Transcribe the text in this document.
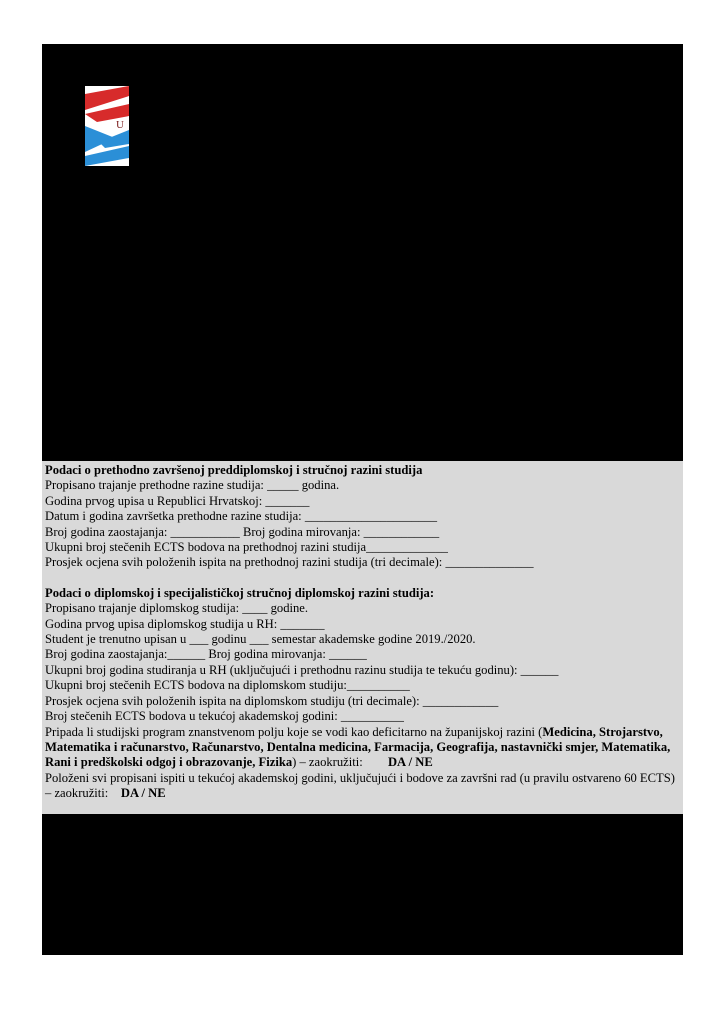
U
Podaci o prethodno završenoj preddiplomskoj i stručnoj razini studija
Propisano trajanje prethodne razine studija: _____ godina.
Godina prvog upisa u Republici Hrvatskoj: _______
Datum i godina završetka prethodne razine studija: _____________________
Broj godina zaostajanja: ___________ Broj godina mirovanja: ____________
Ukupni broj stečenih ECTS bodova na prethodnoj razini studija_____________
Prosjek ocjena svih položenih ispita na prethodnoj razini studija (tri decimale): ______________
Podaci o diplomskoj i specijalističkoj stručnoj diplomskoj razini studija:
Propisano trajanje diplomskog studija: ____ godine.
Godina prvog upisa diplomskog studija u RH: _______
Student je trenutno upisan u ___ godinu ___ semestar akademske godine 2019./2020.
Broj godina zaostajanja:______ Broj godina mirovanja: ______
Ukupni broj godina studiranja u RH (uključujući i prethodnu razinu studija te tekuću godinu): ______
Ukupni broj stečenih ECTS bodova na diplomskom studiju:__________
Prosjek ocjena svih položenih ispita na diplomskom studiju (tri decimale): ____________
Broj stečenih ECTS bodova u tekućoj akademskoj godini: __________
Pripada li studijski program znanstvenom polju koje se vodi kao deficitarno na županijskoj razini (Medicina, Strojarstvo, Matematika i računarstvo, Računarstvo, Dentalna medicina, Farmacija, Geografija, nastavnički smjer, Matematika, Rani i predškolski odgoj i obrazovanje, Fizika) – zaokružiti: DA / NE
Položeni svi propisani ispiti u tekućoj akademskoj godini, uključujući i bodove za završni rad (u pravilu ostvareno 60 ECTS) – zaokružiti: DA / NE
